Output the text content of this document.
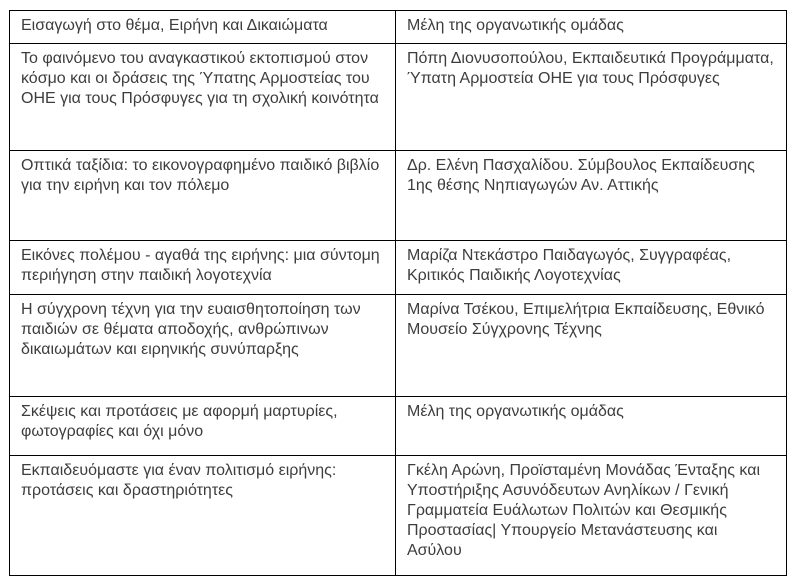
Εισαγωγή στο θέμα, Ειρήνη και Δικαιώματα	Μέλη της οργανωτικής ομάδας
Το φαινόμενο του αναγκαστικού εκτοπισμού στον κόσμο και οι δράσεις της Ύπατης Αρμοστείας του ΟΗΕ για τους Πρόσφυγες για τη σχολική κοινότητα	Πόπη Διονυσοπούλου, Εκπαιδευτικά Προγράμματα, Ύπατη Αρμοστεία ΟΗΕ για τους Πρόσφυγες
Οπτικά ταξίδια: το εικονογραφημένο παιδικό βιβλίο για την ειρήνη και τον πόλεμο	Δρ. Ελένη Πασχαλίδου. Σύμβουλος Εκπαίδευσης 1ης θέσης Νηπιαγωγών Αν. Αττικής
Εικόνες πολέμου - αγαθά της ειρήνης: μια σύντομη περιήγηση στην παιδική λογοτεχνία	Μαρίζα Ντεκάστρο Παιδαγωγός, Συγγραφέας, Κριτικός Παιδικής Λογοτεχνίας
Η σύγχρονη τέχνη για την ευαισθητοποίηση των παιδιών σε θέματα αποδοχής, ανθρώπινων δικαιωμάτων και ειρηνικής συνύπαρξης	Μαρίνα Τσέκου, Επιμελήτρια Εκπαίδευσης, Εθνικό Μουσείο Σύγχρονης Τέχνης
Σκέψεις και προτάσεις με αφορμή μαρτυρίες, φωτογραφίες και όχι μόνο	Μέλη της οργανωτικής ομάδας
Εκπαιδευόμαστε για έναν πολιτισμό ειρήνης: προτάσεις και δραστηριότητες	Γκέλη Αρώνη, Προϊσταμένη Μονάδας Ένταξης και Υποστήριξης Ασυνόδευτων Ανηλίκων / Γενική Γραμματεία Ευάλωτων Πολιτών και Θεσμικής Προστασίας| Υπουργείο Μετανάστευσης και Ασύλου
